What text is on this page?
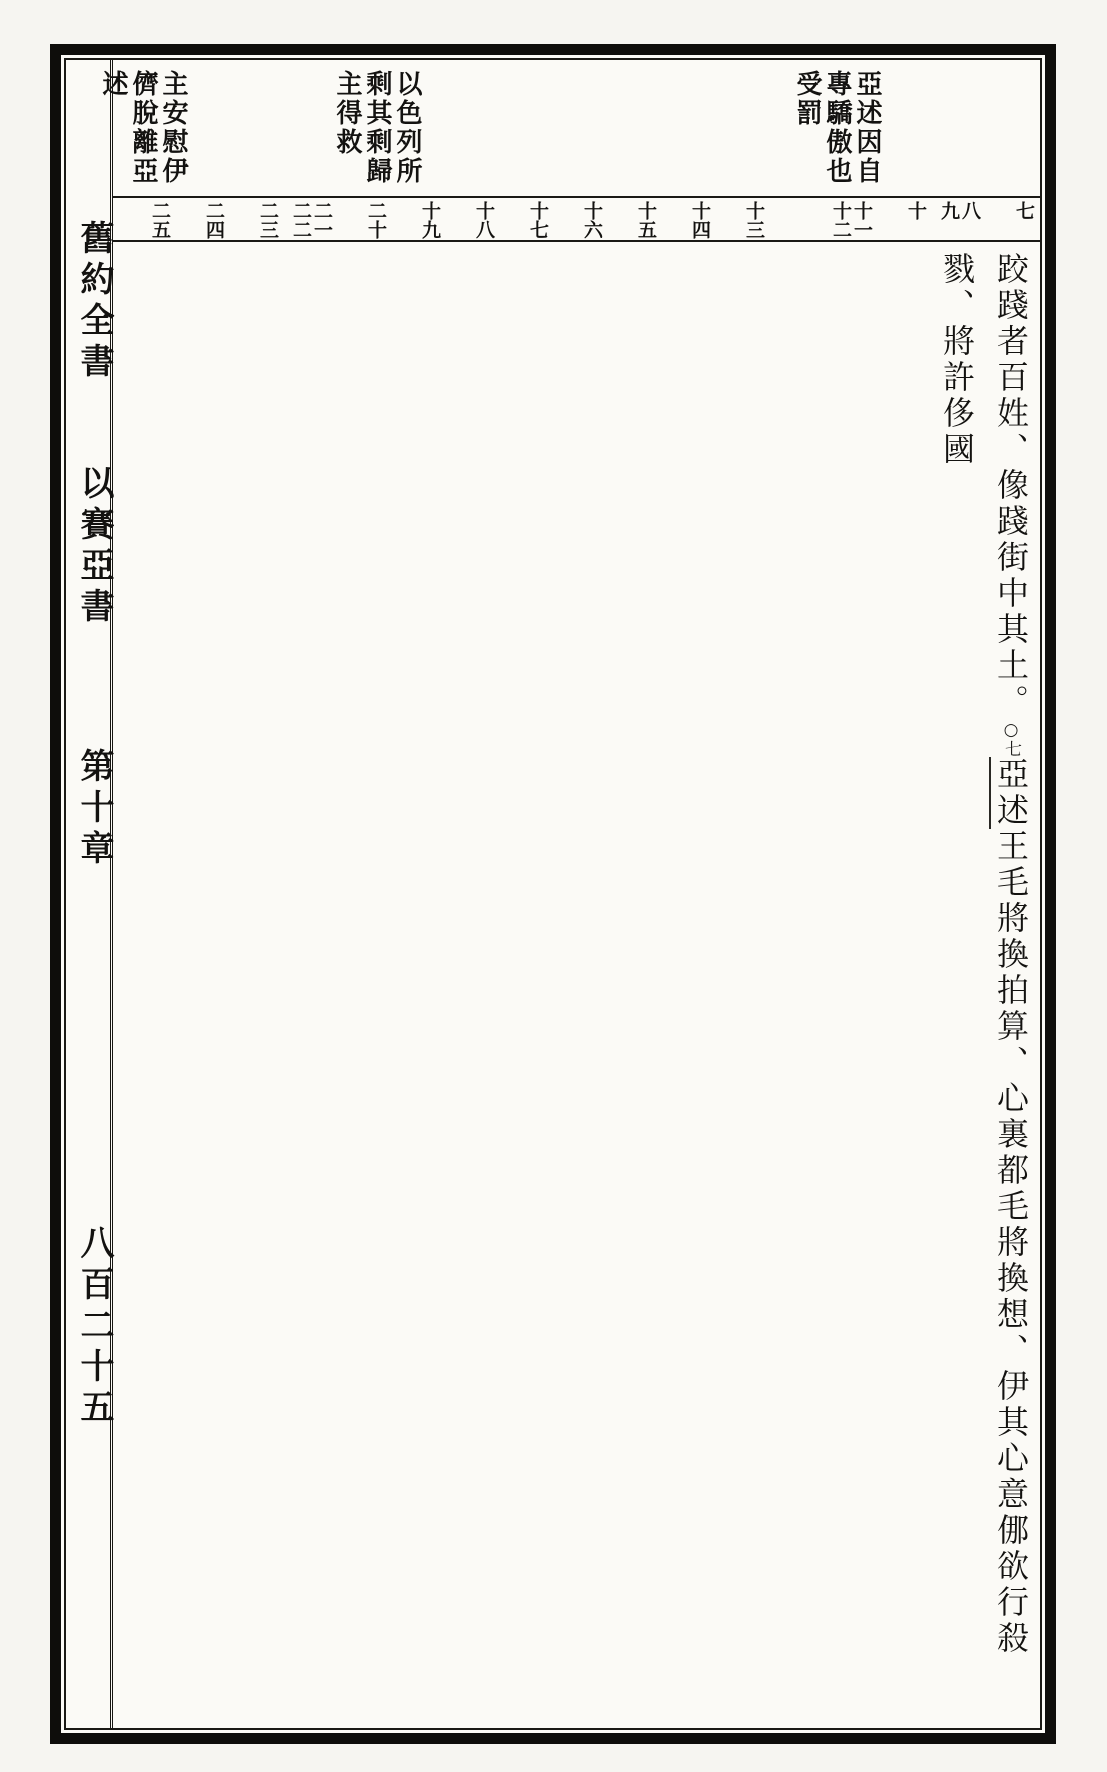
舊約全書
以賽亞書
第十章
八百二十五
亞述因自
專驕傲也
受罰
以色列所
剩其剩歸
主得救
主安慰伊
儕脫離亞
述
七
八
九
十
十一
十二
十三
十四
十五
十六
十七
十八
十九
二十
二一
二二
二三
二四
二五
跤踐者百姓、像踐街中其土。○七亞述王毛將換拍算、心裏都毛將換想、伊其心意㑚欲行殺戮、將許侈國
